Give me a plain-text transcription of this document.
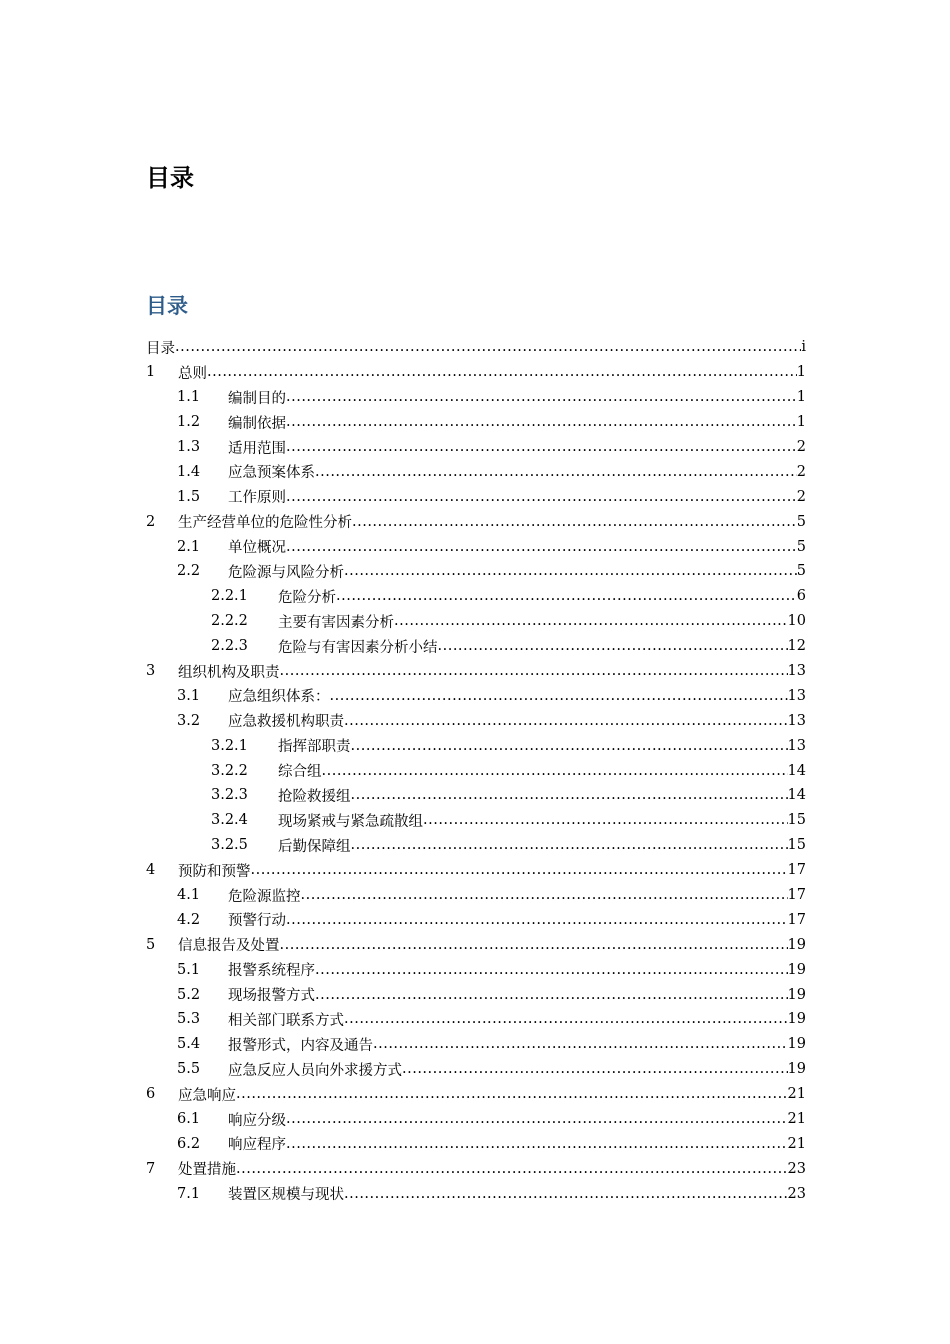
目录
目录
目录 .....	i
1	总则 .....	1
1.1	编制目的 .....	1
1.2	编制依据 .....	1
1.3	适用范围 .....	2
1.4	应急预案体系 .....	2
1.5	工作原则 .....	2
2	生产经营单位的危险性分析 .....	5
2.1	单位概况 .....	5
2.2	危险源与风险分析 .....	5
2.2.1	危险分析 .....	6
2.2.2	主要有害因素分析 .....	10
2.2.3	危险与有害因素分析小结 .....	12
3	组织机构及职责 .....	13
3.1	应急组织体系： .....	13
3.2	应急救援机构职责 .....	13
3.2.1	指挥部职责 .....	13
3.2.2	综合组 .....	14
3.2.3	抢险救援组 .....	14
3.2.4	现场紧戒与紧急疏散组 .....	15
3.2.5	后勤保障组 .....	15
4	预防和预警 .....	17
4.1	危险源监控 .....	17
4.2	预警行动 .....	17
5	信息报告及处置 .....	19
5.1	报警系统程序 .....	19
5.2	现场报警方式 .....	19
5.3	相关部门联系方式 .....	19
5.4	报警形式，内容及通告 .....	19
5.5	应急反应人员向外求援方式 .....	19
6	应急响应 .....	21
6.1	响应分级 .....	21
6.2	响应程序 .....	21
7	处置措施 .....	23
7.1	装置区规模与现状 .....	23
